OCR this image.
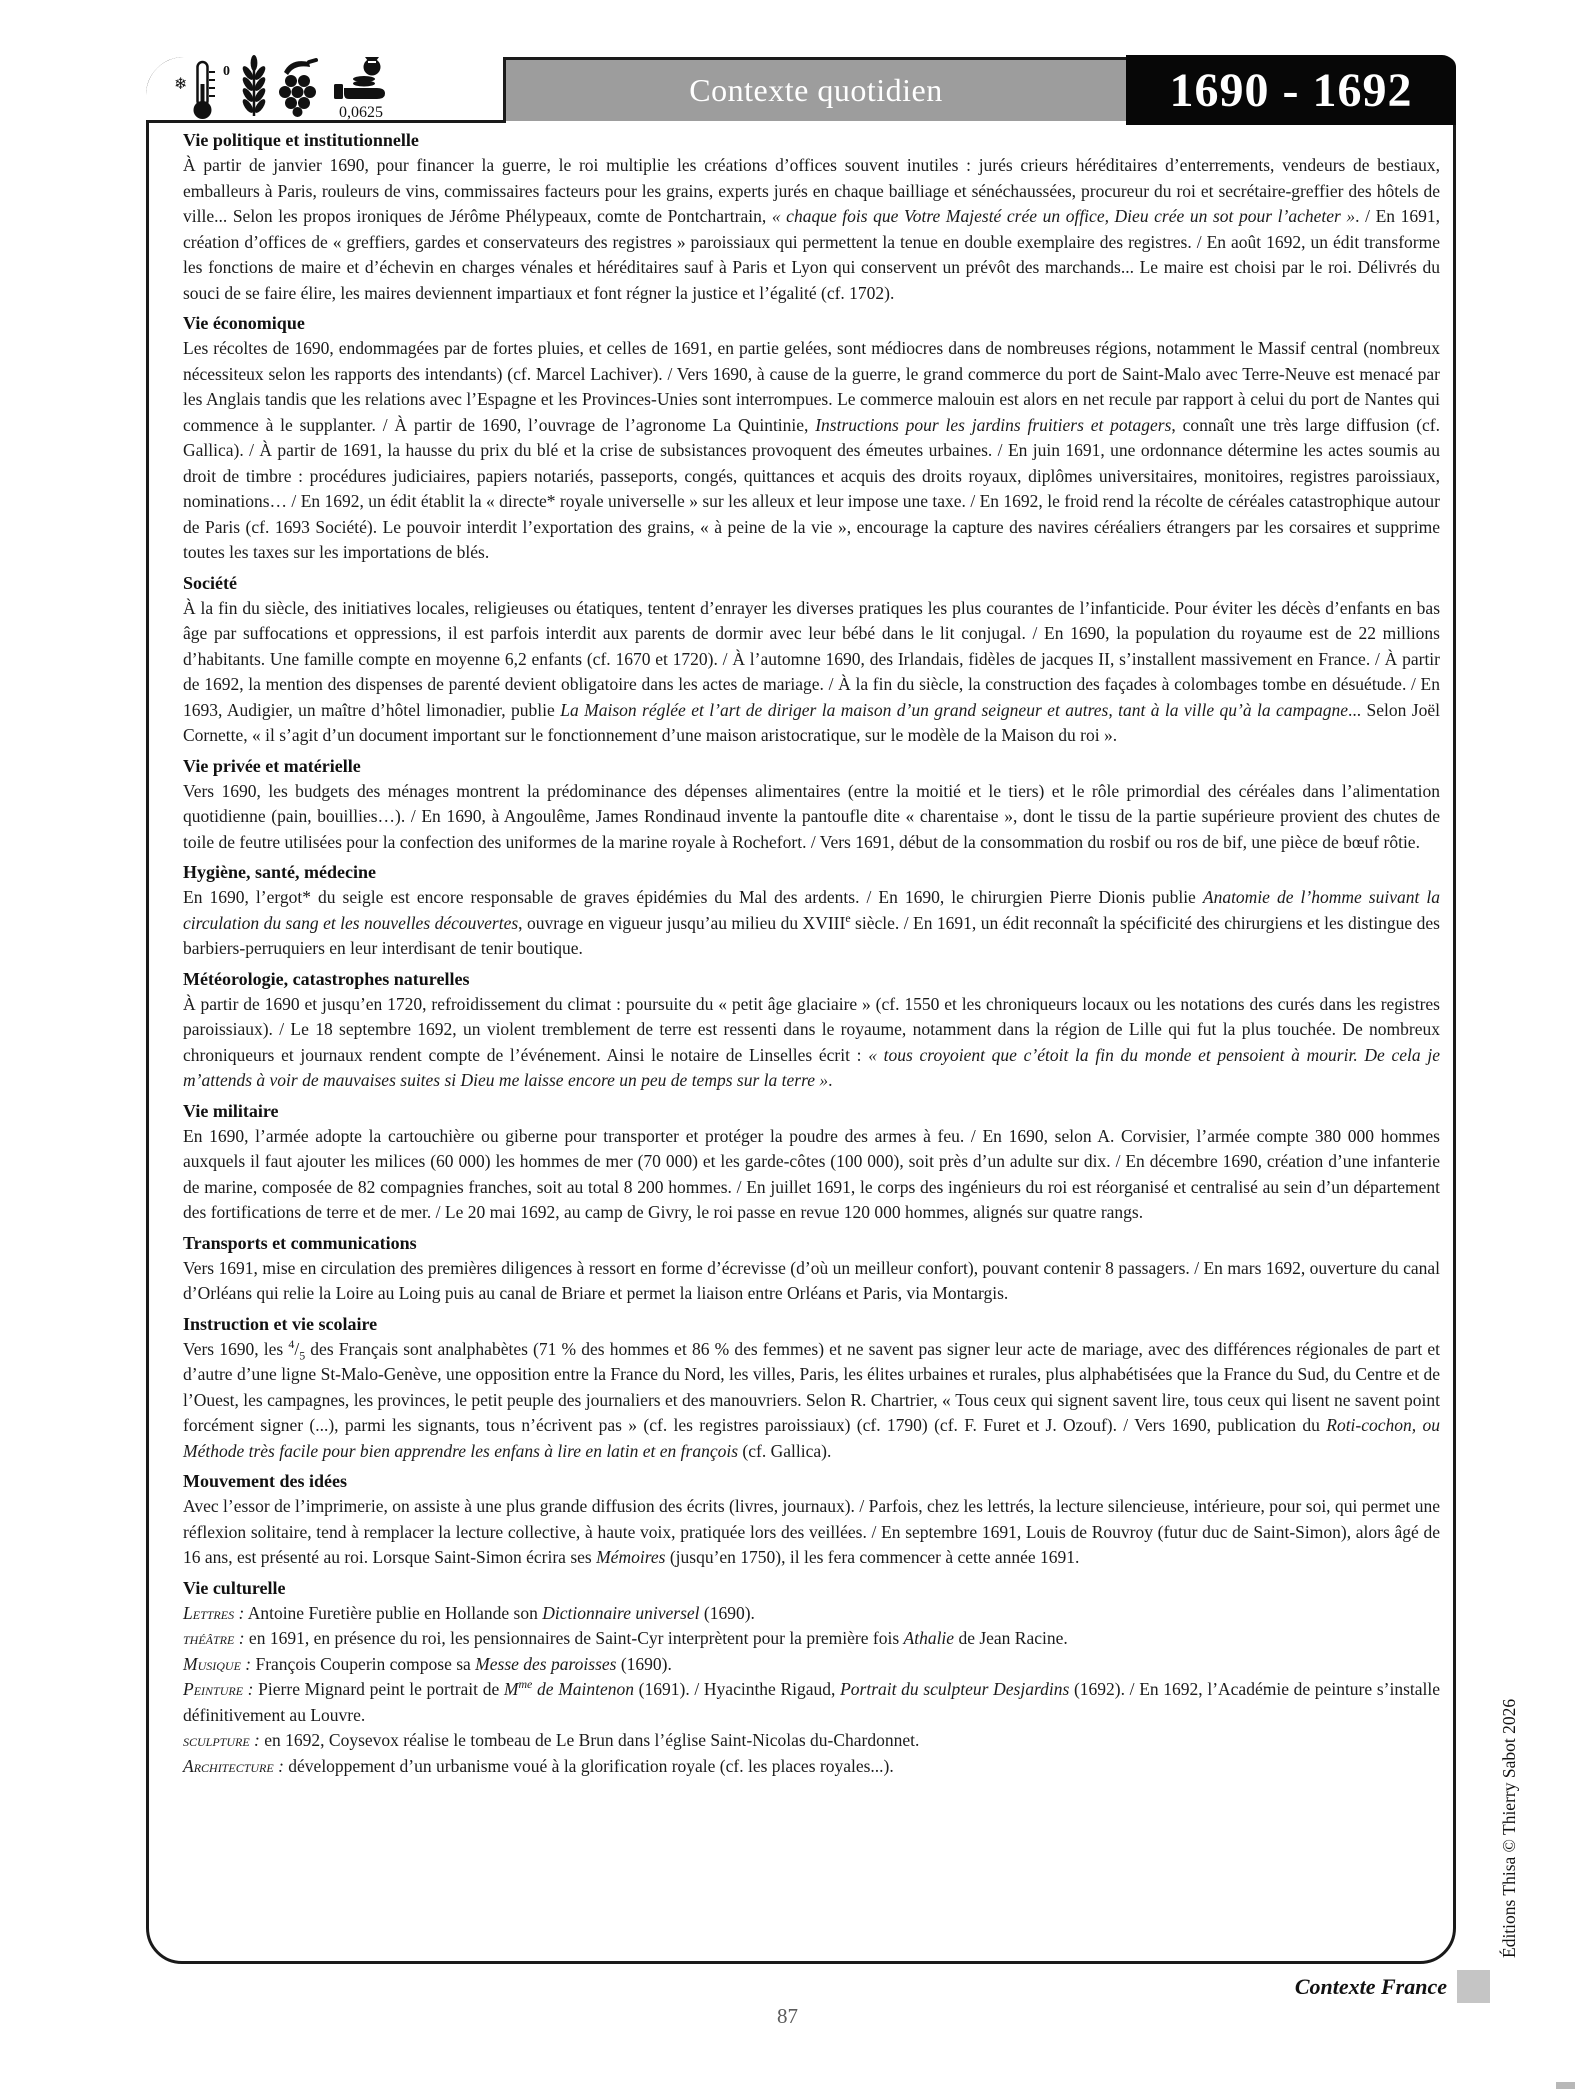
❄
0
0,0625
Contexte quotidien	1690 - 1692
Vie politique et institutionnelle

À partir de janvier 1690, pour financer la guerre, le roi multiplie les créations d’offices souvent inutiles : jurés crieurs héréditaires d’enterrements, vendeurs de bestiaux, emballeurs à Paris, rouleurs de vins, commissaires facteurs pour les grains, experts jurés en chaque bailliage et sénéchaussées, procureur du roi et secrétaire-greffier des hôtels de ville... Selon les propos ironiques de Jérôme Phélypeaux, comte de Pontchartrain, « chaque fois que Votre Majesté crée un office, Dieu crée un sot pour l’acheter ». / En 1691, création d’offices de « greffiers, gardes et conservateurs des registres » paroissiaux qui permettent la tenue en double exemplaire des registres. / En août 1692, un édit transforme les fonctions de maire et d’échevin en charges vénales et héréditaires sauf à Paris et Lyon qui conservent un prévôt des marchands... Le maire est choisi par le roi. Délivrés du souci de se faire élire, les maires deviennent impartiaux et font régner la justice et l’égalité (cf. 1702).

Vie économique

Les récoltes de 1690, endommagées par de fortes pluies, et celles de 1691, en partie gelées, sont médiocres dans de nombreuses régions, notamment le Massif central (nombreux nécessiteux selon les rapports des intendants) (cf. Marcel Lachiver). / Vers 1690, à cause de la guerre, le grand commerce du port de Saint-Malo avec Terre-Neuve est menacé par les Anglais tandis que les relations avec l’Espagne et les Provinces-Unies sont interrompues. Le commerce malouin est alors en net recule par rapport à celui du port de Nantes qui commence à le supplanter. / À partir de 1690, l’ouvrage de l’agronome La Quintinie, Instructions pour les jardins fruitiers et potagers, connaît une très large diffusion (cf. Gallica). / À partir de 1691, la hausse du prix du blé et la crise de subsistances provoquent des émeutes urbaines. / En juin 1691, une ordonnance détermine les actes soumis au droit de timbre : procédures judiciaires, papiers notariés, passeports, congés, quittances et acquis des droits royaux, diplômes universitaires, monitoires, registres paroissiaux, nominations… / En 1692, un édit établit la « directe* royale universelle » sur les alleux et leur impose une taxe. / En 1692, le froid rend la récolte de céréales catastrophique autour de Paris (cf. 1693 Société). Le pouvoir interdit l’exportation des grains, « à peine de la vie », encourage la capture des navires céréaliers étrangers par les corsaires et supprime toutes les taxes sur les importations de blés.

Société

À la fin du siècle, des initiatives locales, religieuses ou étatiques, tentent d’enrayer les diverses pratiques les plus courantes de l’infanticide. Pour éviter les décès d’enfants en bas âge par suffocations et oppressions, il est parfois interdit aux parents de dormir avec leur bébé dans le lit conjugal. / En 1690, la population du royaume est de 22 millions d’habitants. Une famille compte en moyenne 6,2 enfants (cf. 1670 et 1720). / À l’automne 1690, des Irlandais, fidèles de jacques II, s’installent massivement en France. / À partir de 1692, la mention des dispenses de parenté devient obligatoire dans les actes de mariage. / À la fin du siècle, la construction des façades à colombages tombe en désuétude. / En 1693, Audigier, un maître d’hôtel limonadier, publie La Maison réglée et l’art de diriger la maison d’un grand seigneur et autres, tant à la ville qu’à la campagne... Selon Joël Cornette, « il s’agit d’un document important sur le fonctionnement d’une maison aristocratique, sur le modèle de la Maison du roi ».

Vie privée et matérielle

Vers 1690, les budgets des ménages montrent la prédominance des dépenses alimentaires (entre la moitié et le tiers) et le rôle primordial des céréales dans l’alimentation quotidienne (pain, bouillies…). / En 1690, à Angoulême, James Rondinaud invente la pantoufle dite « charentaise », dont le tissu de la partie supérieure provient des chutes de toile de feutre utilisées pour la confection des uniformes de la marine royale à Rochefort. / Vers 1691, début de la consommation du rosbif ou ros de bif, une pièce de bœuf rôtie.

Hygiène, santé, médecine

En 1690, l’ergot* du seigle est encore responsable de graves épidémies du Mal des ardents. / En 1690, le chirurgien Pierre Dionis publie Anatomie de l’homme suivant la circulation du sang et les nouvelles découvertes, ouvrage en vigueur jusqu’au milieu du XVIIIe siècle. / En 1691, un édit reconnaît la spécificité des chirurgiens et les distingue des barbiers-perruquiers en leur interdisant de tenir boutique.

Météorologie, catastrophes naturelles

À partir de 1690 et jusqu’en 1720, refroidissement du climat : poursuite du « petit âge glaciaire » (cf. 1550 et les chroniqueurs locaux ou les notations des curés dans les registres paroissiaux). / Le 18 septembre 1692, un violent tremblement de terre est ressenti dans le royaume, notamment dans la région de Lille qui fut la plus touchée. De nombreux chroniqueurs et journaux rendent compte de l’événement. Ainsi le notaire de Linselles écrit : « tous croyoient que c’étoit la fin du monde et pensoient à mourir. De cela je m’attends à voir de mauvaises suites si Dieu me laisse encore un peu de temps sur la terre ».

Vie militaire

En 1690, l’armée adopte la cartouchière ou giberne pour transporter et protéger la poudre des armes à feu. / En 1690, selon A. Corvisier, l’armée compte 380 000 hommes auxquels il faut ajouter les milices (60 000) les hommes de mer (70 000) et les garde-côtes (100 000), soit près d’un adulte sur dix. / En décembre 1690, création d’une infanterie de marine, composée de 82 compagnies franches, soit au total 8 200 hommes. / En juillet 1691, le corps des ingénieurs du roi est réorganisé et centralisé au sein d’un département des fortifications de terre et de mer. / Le 20 mai 1692, au camp de Givry, le roi passe en revue 120 000 hommes, alignés sur quatre rangs.

Transports et communications

Vers 1691, mise en circulation des premières diligences à ressort en forme d’écrevisse (d’où un meilleur confort), pouvant contenir 8 passagers. / En mars 1692, ouverture du canal d’Orléans qui relie la Loire au Loing puis au canal de Briare et permet la liaison entre Orléans et Paris, via Montargis.

Instruction et vie scolaire

Vers 1690, les $^4/_5$ des Français sont analphabètes (71 % des hommes et 86 % des femmes) et ne savent pas signer leur acte de mariage, avec des différences régionales de part et d’autre d’une ligne St-Malo-Genève, une opposition entre la France du Nord, les villes, Paris, les élites urbaines et rurales, plus alphabétisées que la France du Sud, du Centre et de l’Ouest, les campagnes, les provinces, le petit peuple des journaliers et des manouvriers. Selon R. Chartrier, « Tous ceux qui signent savent lire, tous ceux qui lisent ne savent point forcément signer (...), parmi les signants, tous n’écrivent pas » (cf. les registres paroissiaux) (cf. 1790) (cf. F. Furet et J. Ozouf). / Vers 1690, publication du Roti-cochon, ou Méthode très facile pour bien apprendre les enfans à lire en latin et en françois (cf. Gallica).

Mouvement des idées

Avec l’essor de l’imprimerie, on assiste à une plus grande diffusion des écrits (livres, journaux). / Parfois, chez les lettrés, la lecture silencieuse, intérieure, pour soi, qui permet une réflexion solitaire, tend à remplacer la lecture collective, à haute voix, pratiquée lors des veillées. / En septembre 1691, Louis de Rouvroy (futur duc de Saint-Simon), alors âgé de 16 ans, est présenté au roi. Lorsque Saint-Simon écrira ses Mémoires (jusqu’en 1750), il les fera commencer à cette année 1691.

Vie culturelle

Lettres : Antoine Furetière publie en Hollande son Dictionnaire universel (1690).

théâtre : en 1691, en présence du roi, les pensionnaires de Saint-Cyr interprètent pour la première fois Athalie de Jean Racine.

Musique : François Couperin compose sa Messe des paroisses (1690).

Peinture : Pierre Mignard peint le portrait de $M^{me}$ de Maintenon (1691). / Hyacinthe Rigaud, Portrait du sculpteur Desjardins (1692). / En 1692, l’Académie de peinture s’installe définitivement au Louvre.

sculpture : en 1692, Coysevox réalise le tombeau de Le Brun dans l’église Saint-Nicolas du-Chardonnet.

Architecture : développement d’un urbanisme voué à la glorification royale (cf. les places royales...).	Éditions Thisa © Thierry Sabot 2026
Contexte France
87
